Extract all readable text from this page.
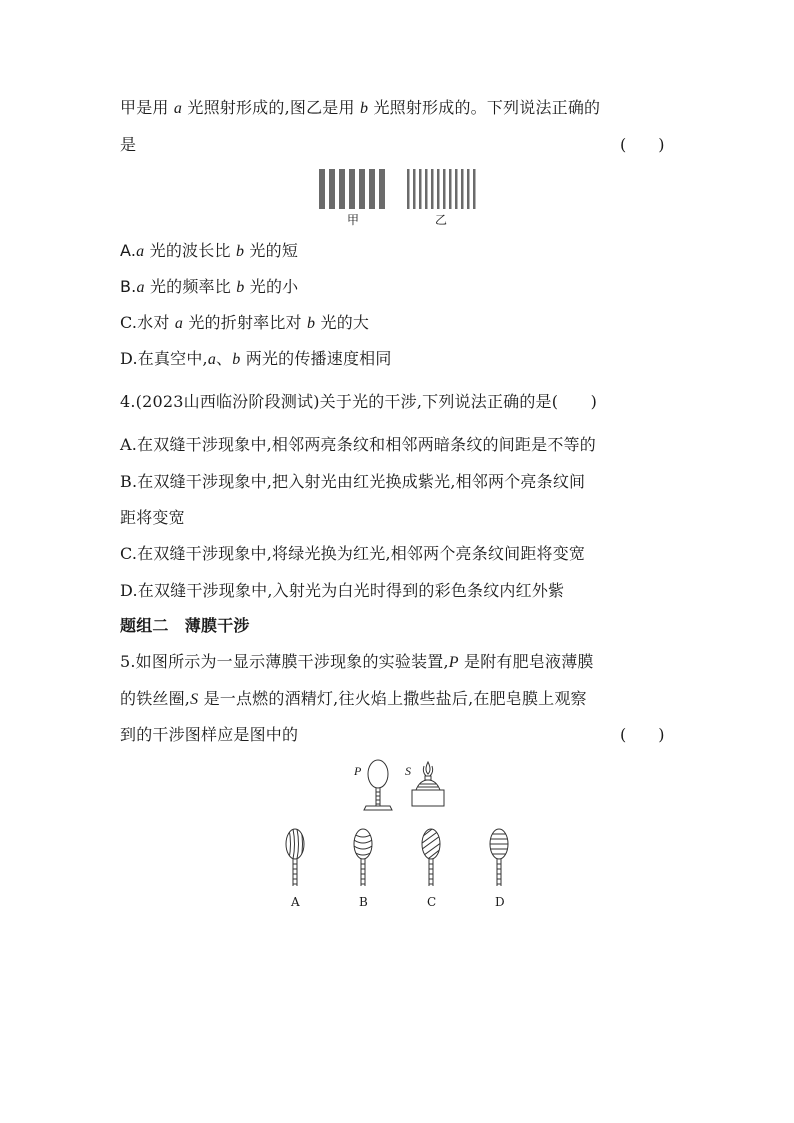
甲是用 a 光照射形成的,图乙是用 b 光照射形成的。下列说法正确的
是	(　　)
甲	乙
A.a 光的波长比 b 光的短
B.a 光的频率比 b 光的小
C.水对 a 光的折射率比对 b 光的大
D.在真空中,a、b 两光的传播速度相同
4.(2023山西临汾阶段测试)关于光的干涉,下列说法正确的是(　　)
A.在双缝干涉现象中,相邻两亮条纹和相邻两暗条纹的间距是不等的
B.在双缝干涉现象中,把入射光由红光换成紫光,相邻两个亮条纹间
距将变宽
C.在双缝干涉现象中,将绿光换为红光,相邻两个亮条纹间距将变宽
D.在双缝干涉现象中,入射光为白光时得到的彩色条纹内红外紫
题组二　薄膜干涉
5.如图所示为一显示薄膜干涉现象的实验装置,P 是附有肥皂液薄膜
的铁丝圈,S 是一点燃的酒精灯,往火焰上撒些盐后,在肥皂膜上观察
到的干涉图样应是图中的	(　　)
P	S
A	B	C	D
